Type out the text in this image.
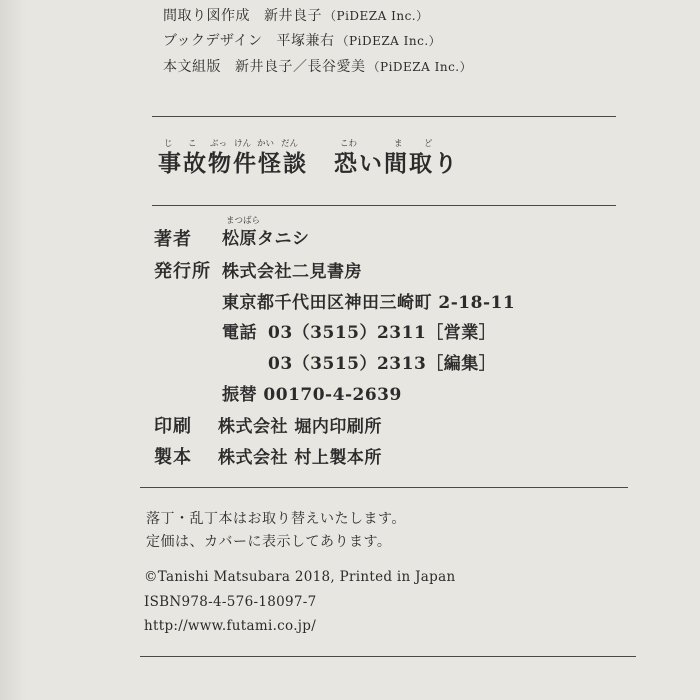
間取り図作成 新井良子 （PiDEZA Inc.）
ブックデザイン 平塚兼右 （PiDEZA Inc.）
本文組版 新井良子／長谷愛美 （PiDEZA Inc.）
じ こ ぶっ けん かい だん	こわ	ま	ど
事故物件怪談 恐い間取り
著者
まつばら
松原タニシ
発行所 株式会社二見書房
東京都千代田区神田三崎町 2-18-11
電話 03（3515）2311［営業］
03（3515）2313［編集］
振替 00170-4-2639
印刷 株式会社 堀内印刷所
製本 株式会社 村上製本所
落丁・乱丁本はお取り替えいたします。
定価は、カバーに表示してあります。
©Tanishi Matsubara 2018, Printed in Japan
ISBN978-4-576-18097-7
http://www.futami.co.jp/
